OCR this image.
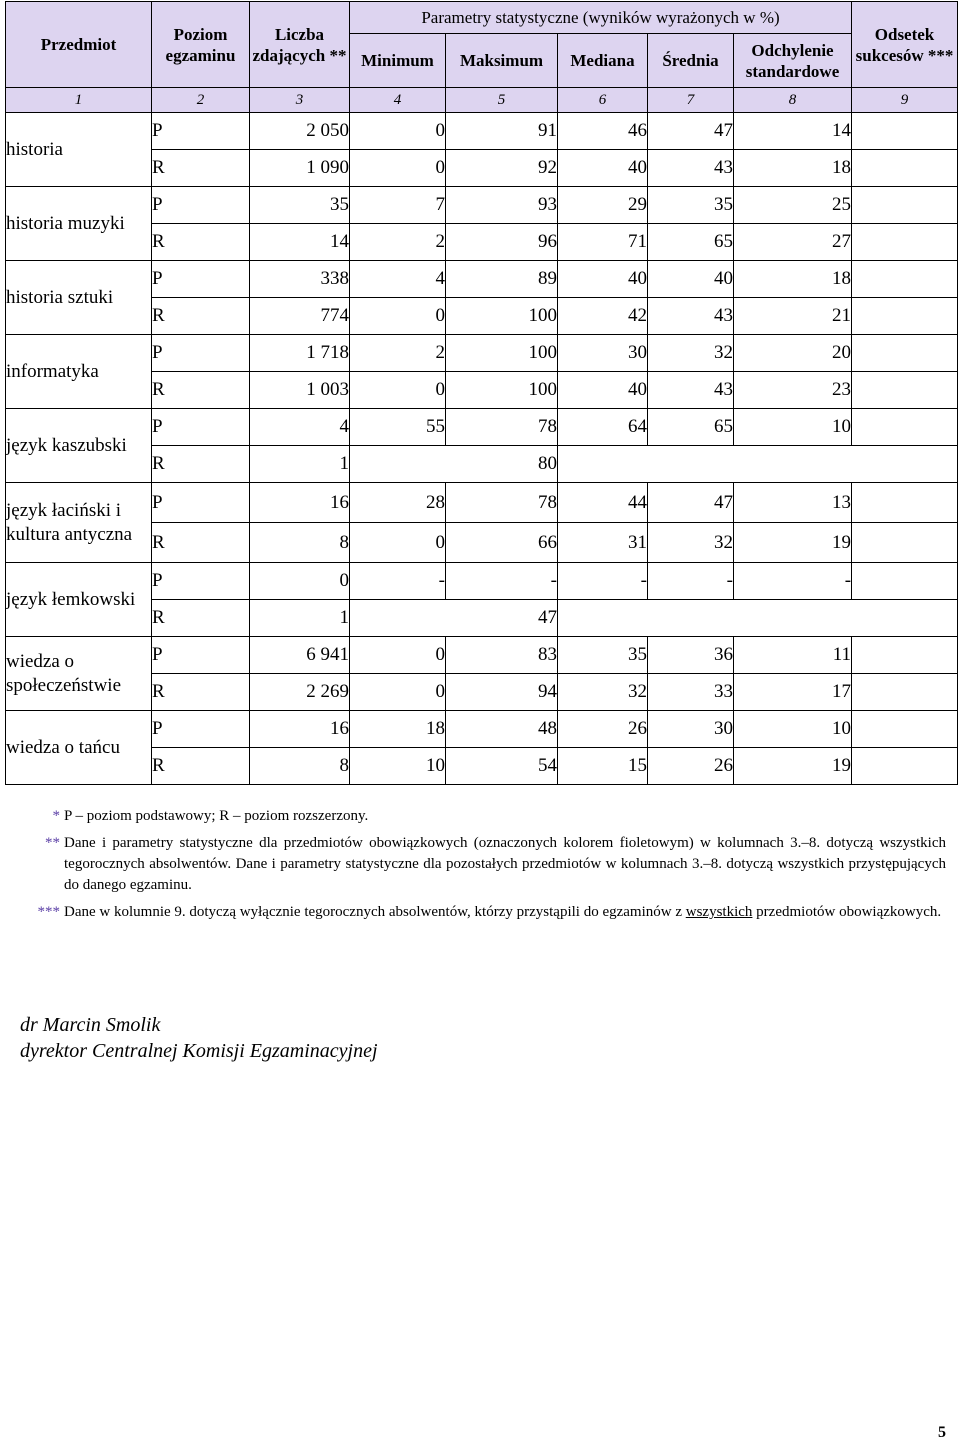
Przedmiot	Poziom egzaminu	Liczba zdających **	Parametry statystyczne (wyników wyrażonych w %)					Odsetek sukcesów ***
			Minimum	Maksimum	Mediana	Średnia	Odchylenie standardowe	
1	2	3	4	5	6	7	8	9
historia	P	2 050	0	91	46	47	14	
	R	1 090	0	92	40	43	18	
historia muzyki	P	35	7	93	29	35	25	
	R	14	2	96	71	65	27	
historia sztuki	P	338	4	89	40	40	18	
	R	774	0	100	42	43	21	
informatyka	P	1 718	2	100	30	32	20	
	R	1 003	0	100	40	43	23	
język kaszubski	P	4	55	78	64	65	10	
	R	1	80					
język łaciński i kultura antyczna	P	16	28	78	44	47	13	
	R	8	0	66	31	32	19	
język łemkowski	P	0	-	-	-	-	-	
	R	1	47					
wiedza o społeczeństwie	P	6 941	0	83	35	36	11	
	R	2 269	0	94	32	33	17	
wiedza o tańcu	P	16	18	48	26	30	10	
	R	8	10	54	15	26	19	
* P – poziom podstawowy; R – poziom rozszerzony.
** Dane i parametry statystyczne dla przedmiotów obowiązkowych (oznaczonych kolorem fioletowym) w kolumnach 3.–8. dotyczą wszystkich tegorocznych absolwentów. Dane i parametry statystyczne dla pozostałych przedmiotów w kolumnach 3.–8. dotyczą wszystkich przystępujących do danego egzaminu.
*** Dane w kolumnie 9. dotyczą wyłącznie tegorocznych absolwentów, którzy przystąpili do egzaminów z wszystkich przedmiotów obowiązkowych.
dr Marcin Smolik
dyrektor Centralnej Komisji Egzaminacyjnej
5
